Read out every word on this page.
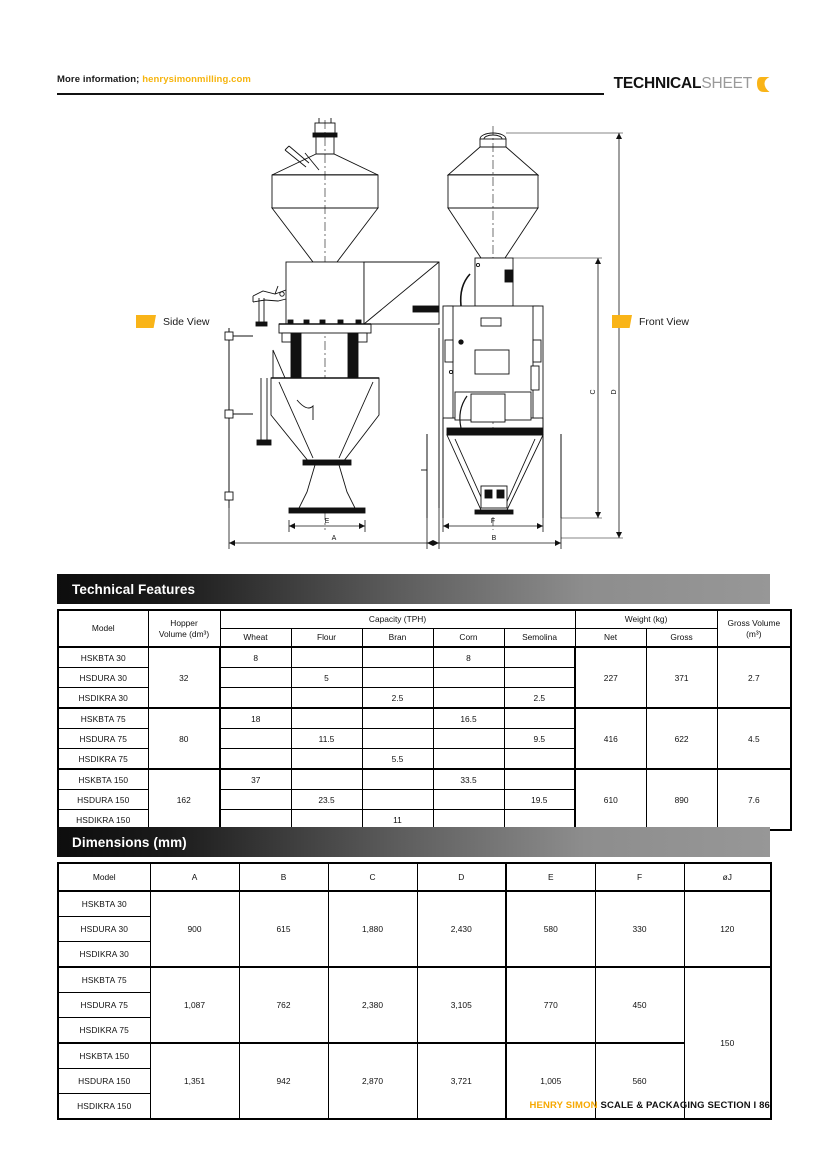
More information; henrysimonmilling.com	TECHNICAL SHEET
E
A
F
B
C D
Side View	Front View
Technical Features
Model	
Hopper
Volume (dm³)
	Capacity (TPH)	Weight (kg)	Gross Volume
(m³)

		Wheat	Flour	Bran	Corn	Semolina	Net	Gross	
HSKBTA 30	32	8			8		227	371	2.7
HSDURA 30			5						
HSDIKRA 30				2.5		2.5			
HSKBTA 75	80	18			16.5		416	622	4.5
HSDURA 75			11.5			9.5			
HSDIKRA 75				5.5					
HSKBTA 150	162	37			33.5		610	890	7.6
HSDURA 150			23.5			19.5			
HSDIKRA 150				11					
Dimensions (mm)
Model	A	B	C	D	E	F	øJ
HSKBTA 30	900	615	1,880	2,430	580	330	120
HSDURA 30							
HSDIKRA 30							
HSKBTA 75	1,087	762	2,380	3,105	770	450	150
HSDURA 75							
HSDIKRA 75							
HSKBTA 150	1,351	942	2,870	3,721	1,005	560	
HSDURA 150							
HSDIKRA 150								HENRY SIMON SCALE & PACKAGING SECTION I 86
